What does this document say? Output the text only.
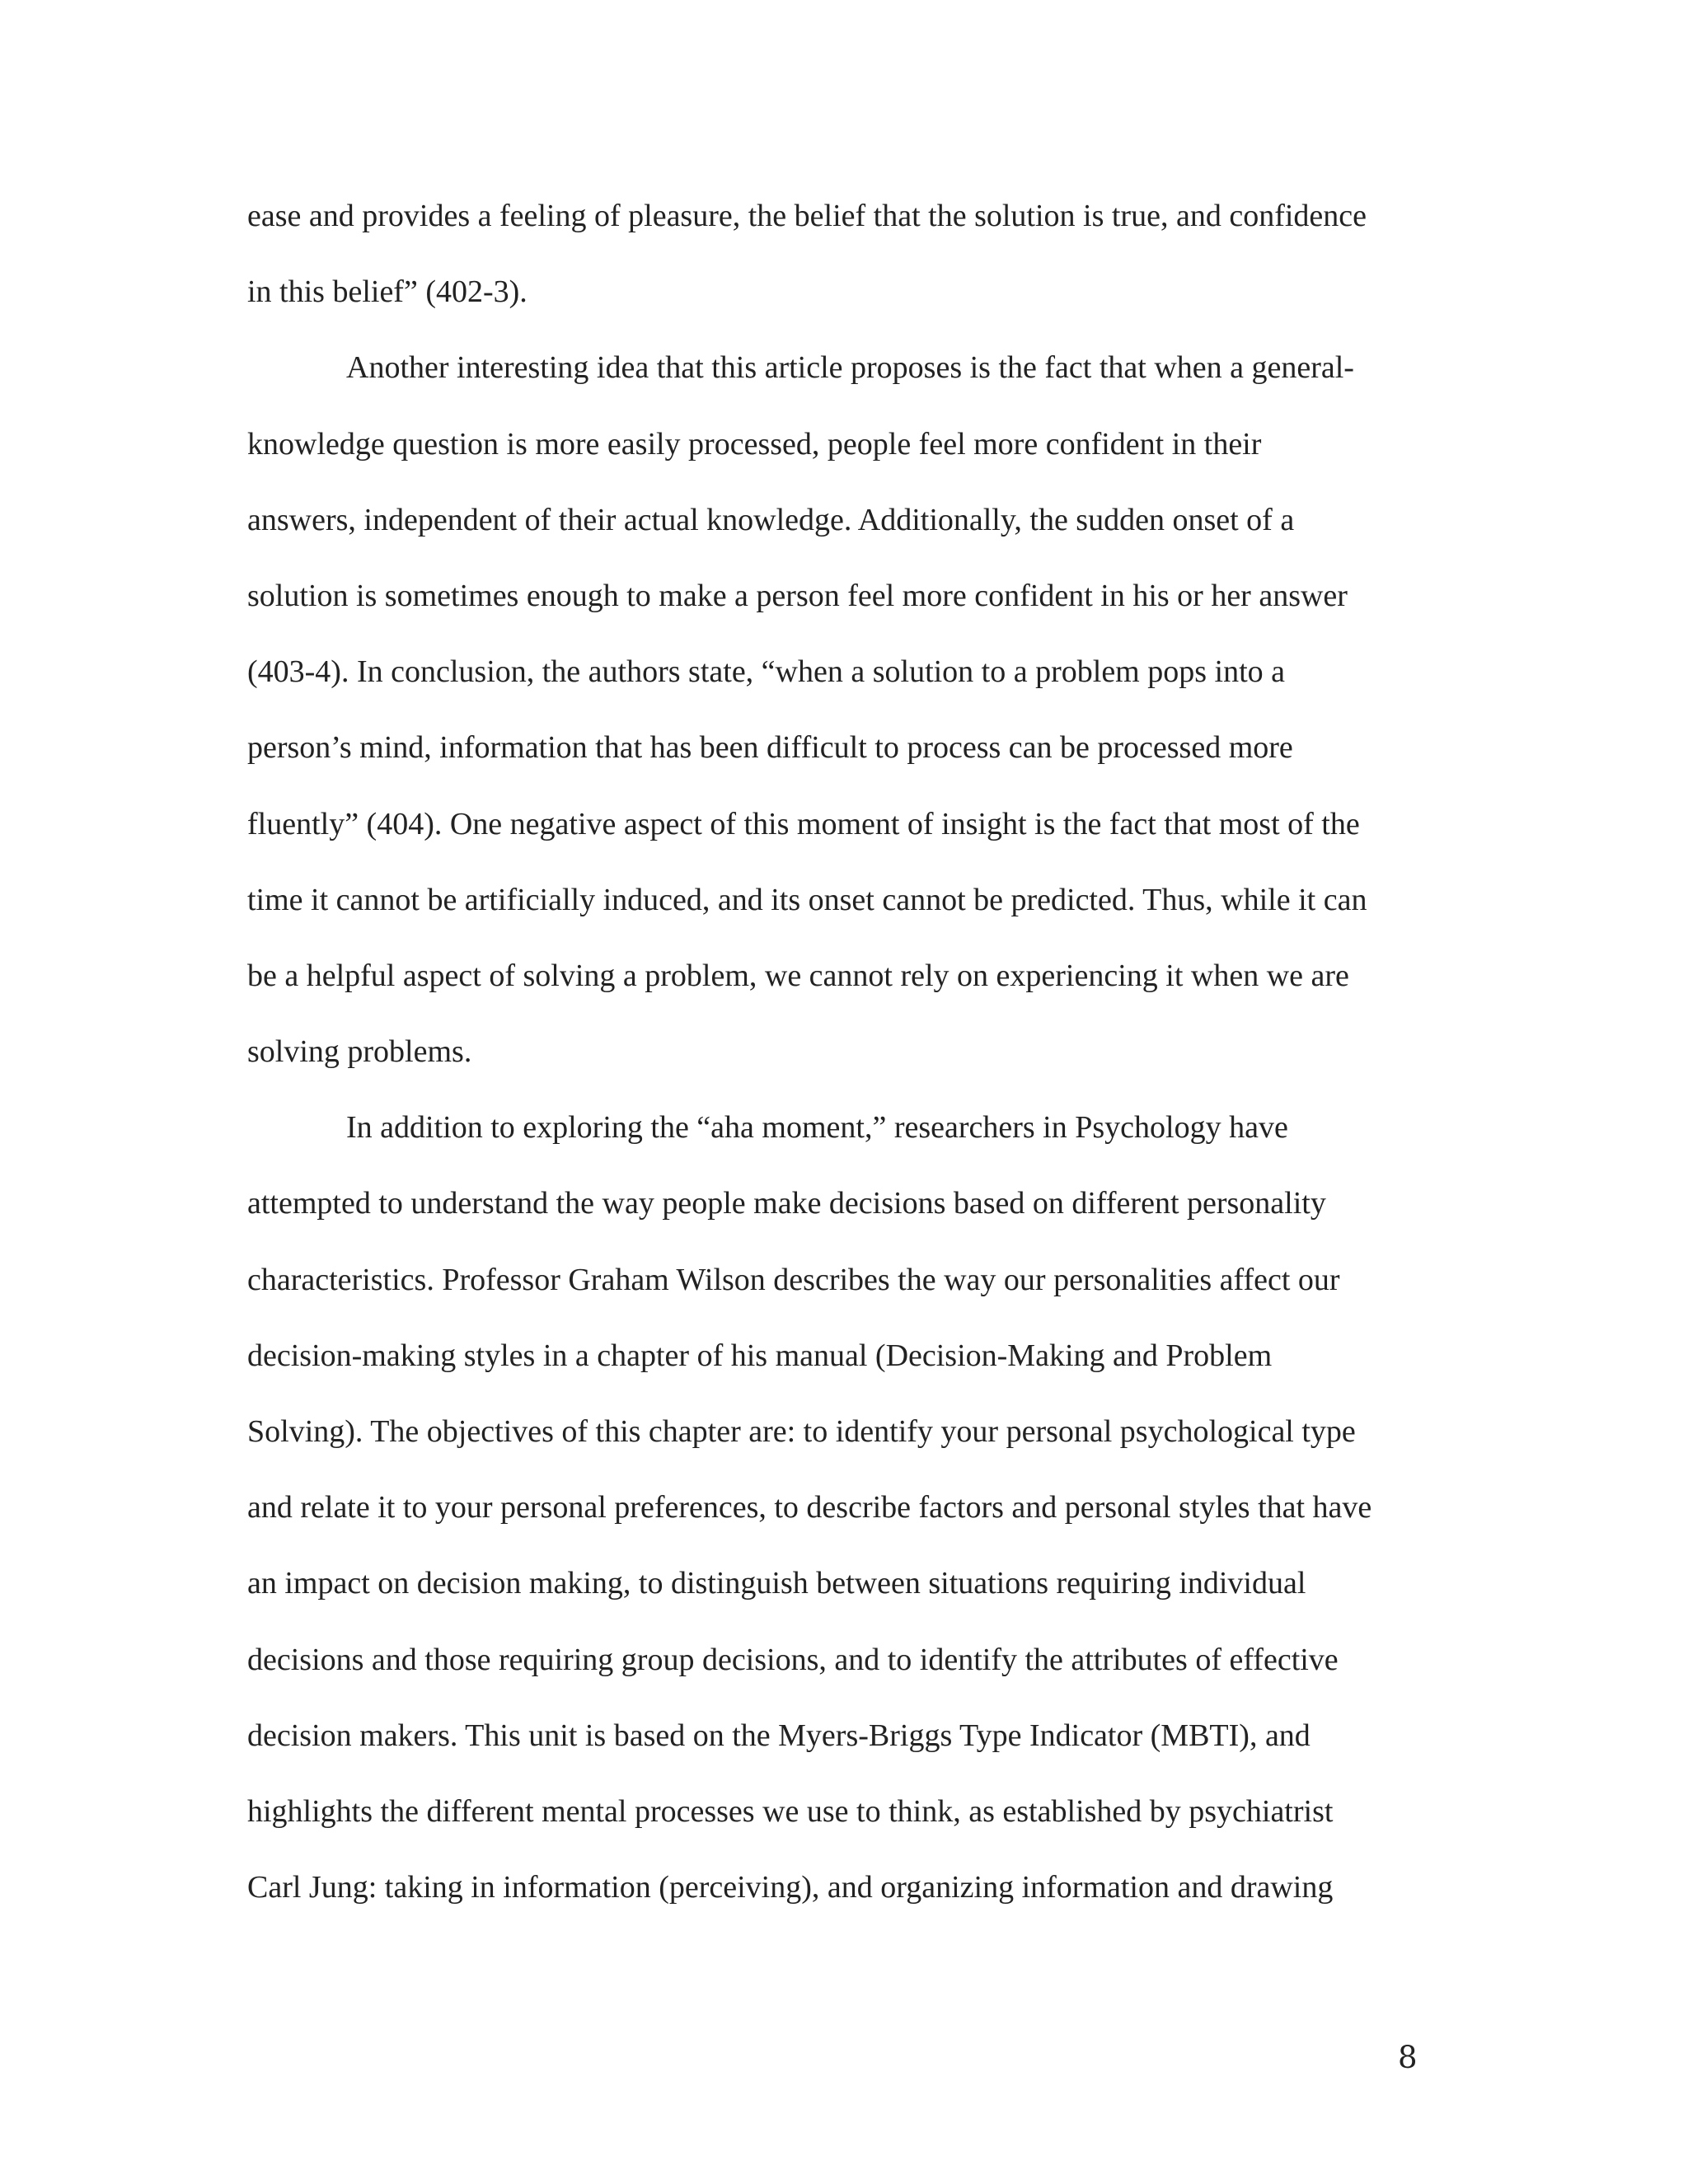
ease and provides a feeling of pleasure, the belief that the solution is true, and confidence
in this belief” (402-3).
Another interesting idea that this article proposes is the fact that when a general-
knowledge question is more easily processed, people feel more confident in their
answers, independent of their actual knowledge. Additionally, the sudden onset of a
solution is sometimes enough to make a person feel more confident in his or her answer
(403-4). In conclusion, the authors state, “when a solution to a problem pops into a
person’s mind, information that has been difficult to process can be processed more
fluently” (404). One negative aspect of this moment of insight is the fact that most of the
time it cannot be artificially induced, and its onset cannot be predicted. Thus, while it can
be a helpful aspect of solving a problem, we cannot rely on experiencing it when we are
solving problems.
In addition to exploring the “aha moment,” researchers in Psychology have
attempted to understand the way people make decisions based on different personality
characteristics. Professor Graham Wilson describes the way our personalities affect our
decision-making styles in a chapter of his manual (Decision-Making and Problem
Solving). The objectives of this chapter are: to identify your personal psychological type
and relate it to your personal preferences, to describe factors and personal styles that have
an impact on decision making, to distinguish between situations requiring individual
decisions and those requiring group decisions, and to identify the attributes of effective
decision makers. This unit is based on the Myers-Briggs Type Indicator (MBTI), and
highlights the different mental processes we use to think, as established by psychiatrist
Carl Jung: taking in information (perceiving), and organizing information and drawing
8
